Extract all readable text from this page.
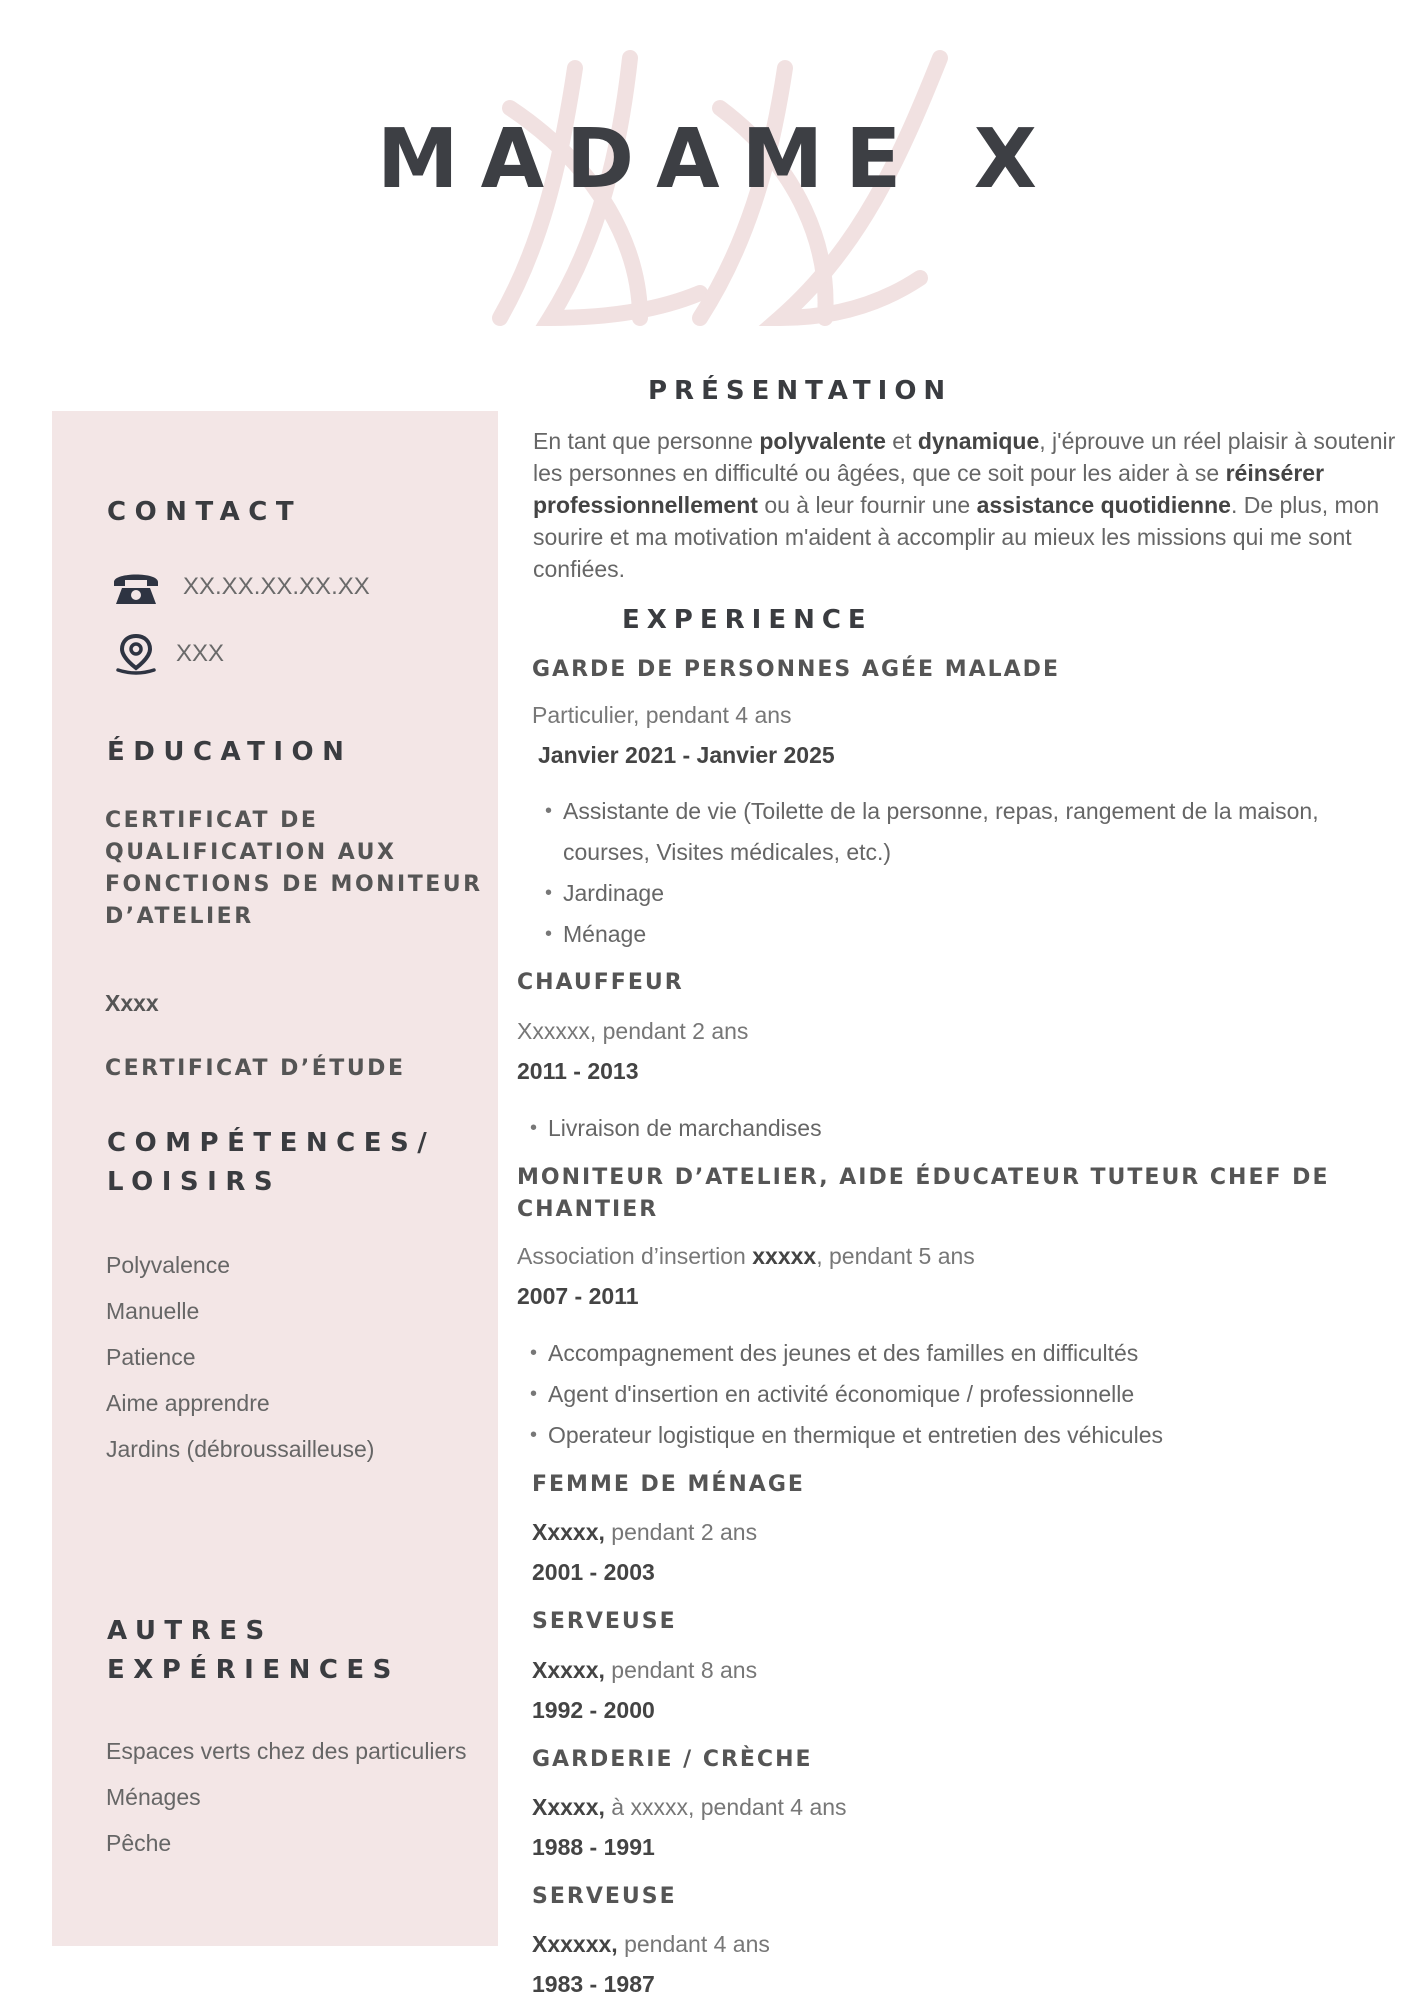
MADAME X
CONTACT
XX.XX.XX.XX.XX
XXX
ÉDUCATION

CERTIFICAT DE QUALIFICATION AUX FONCTIONS DE MONITEUR D’ATELIER

Xxxx

CERTIFICAT D’ÉTUDE

COMPÉTENCES/ LOISIRS
Polyvalence
Manuelle
Patience
Aime apprendre
Jardins (débroussailleuse)
AUTRES EXPÉRIENCES
Espaces verts chez des particuliers
Ménages
Pêche
PRÉSENTATION

En tant que personne polyvalente et dynamique, j'éprouve un réel plaisir à soutenir les personnes en difficulté ou âgées, que ce soit pour les aider à se réinsérer professionnellement ou à leur fournir une assistance quotidienne. De plus, mon sourire et ma motivation m'aident à accomplir au mieux les missions qui me sont confiées.

EXPERIENCE
GARDE DE PERSONNES AGÉE MALADE
Particulier, pendant 4 ans
Janvier 2021 - Janvier 2025
• Assistante de vie (Toilette de la personne, repas, rangement de la maison, courses, Visites médicales, etc.)
• Jardinage
• Ménage
CHAUFFEUR
Xxxxxx, pendant 2 ans
2011 - 2013
• Livraison de marchandises
MONITEUR D’ATELIER, AIDE ÉDUCATEUR TUTEUR CHEF DE CHANTIER
Association d’insertion xxxxx, pendant 5 ans
2007 - 2011
• Accompagnement des jeunes et des familles en difficultés
• Agent d'insertion en activité économique / professionnelle
• Operateur logistique en thermique et entretien des véhicules
FEMME DE MÉNAGE
Xxxxx, pendant 2 ans
2001 - 2003
SERVEUSE
Xxxxx, pendant 8 ans
1992 - 2000
GARDERIE / CRÈCHE
Xxxxx, à xxxxx, pendant 4 ans
1988 - 1991
SERVEUSE
Xxxxxx, pendant 4 ans
1983 - 1987
